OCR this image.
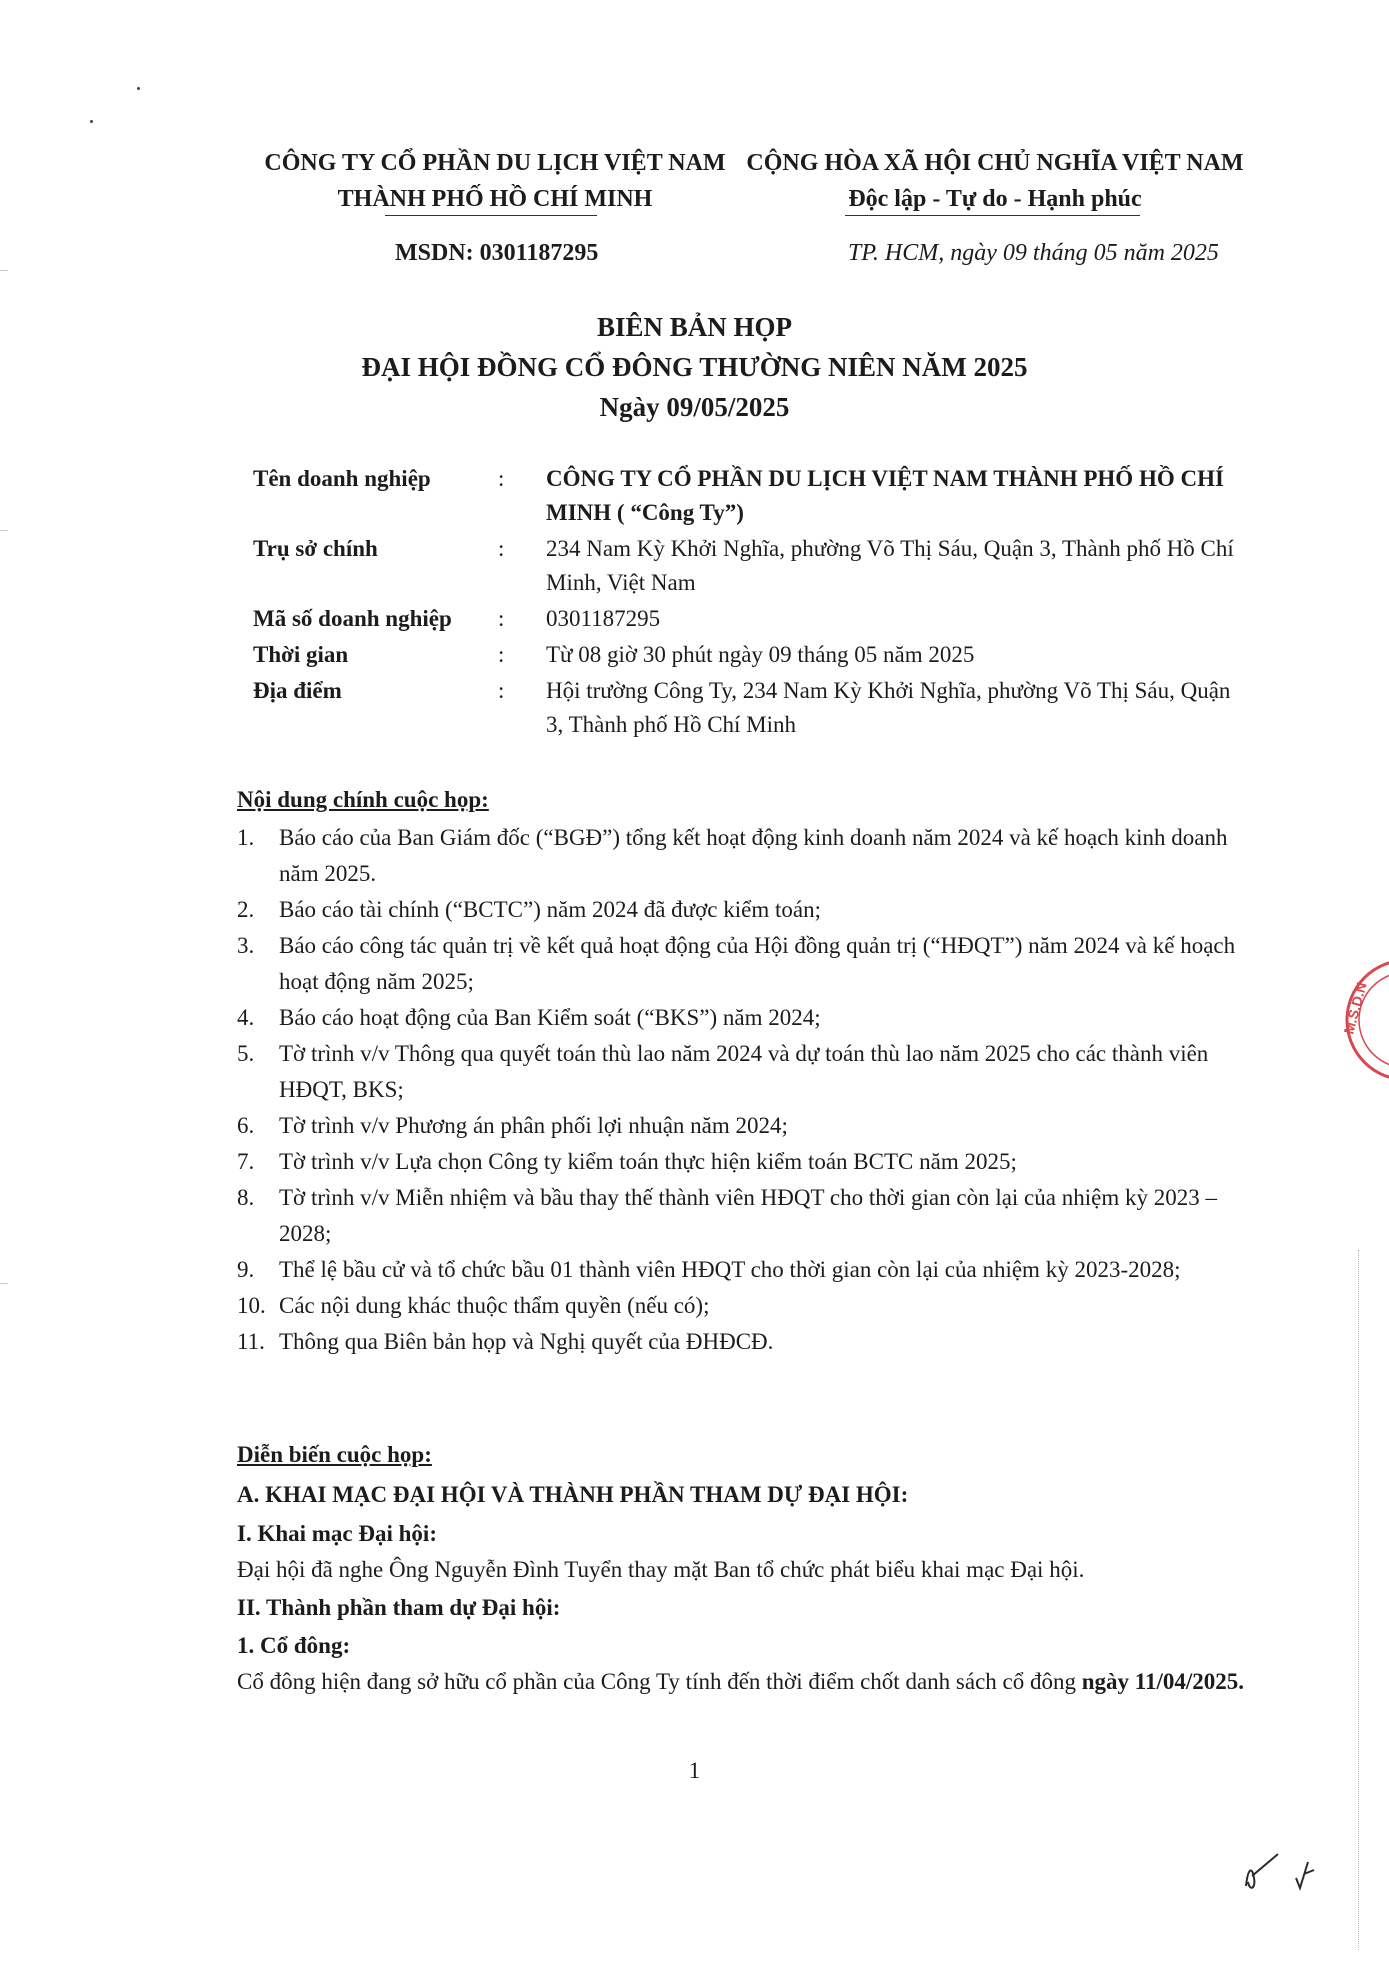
CÔNG TY CỔ PHẦN DU LỊCH VIỆT NAM
THÀNH PHỐ HỒ CHÍ MINH
CỘNG HÒA XÃ HỘI CHỦ NGHĨA VIỆT NAM
Độc lập - Tự do - Hạnh phúc
MSDN: 0301187295	TP. HCM, ngày 09 tháng 05 năm 2025
BIÊN BẢN HỌP
ĐẠI HỘI ĐỒNG CỔ ĐÔNG THƯỜNG NIÊN NĂM 2025
Ngày 09/05/2025
Tên doanh nghiệp	:	CÔNG TY CỔ PHẦN DU LỊCH VIỆT NAM THÀNH PHỐ HỒ CHÍ MINH ( “Công Ty”)
Trụ sở chính	:	234 Nam Kỳ Khởi Nghĩa, phường Võ Thị Sáu, Quận 3, Thành phố Hồ Chí Minh, Việt Nam
Mã số doanh nghiệp	:	0301187295
Thời gian	:	Từ 08 giờ 30 phút ngày 09 tháng 05 năm 2025
Địa điểm	:	Hội trường Công Ty, 234 Nam Kỳ Khởi Nghĩa, phường Võ Thị Sáu, Quận 3, Thành phố Hồ Chí Minh
Nội dung chính cuộc họp:
1.	Báo cáo của Ban Giám đốc (“BGĐ”) tổng kết hoạt động kinh doanh năm 2024 và kế hoạch kinh doanh năm 2025.
2.	Báo cáo tài chính (“BCTC”) năm 2024 đã được kiểm toán;
3.	Báo cáo công tác quản trị về kết quả hoạt động của Hội đồng quản trị (“HĐQT”) năm 2024 và kế hoạch hoạt động năm 2025;
4.	Báo cáo hoạt động của Ban Kiểm soát (“BKS”) năm 2024;
5.	Tờ trình v/v Thông qua quyết toán thù lao năm 2024 và dự toán thù lao năm 2025 cho các thành viên HĐQT, BKS;
6.	Tờ trình v/v Phương án phân phối lợi nhuận năm 2024;
7.	Tờ trình v/v Lựa chọn Công ty kiểm toán thực hiện kiểm toán BCTC năm 2025;
8.	Tờ trình v/v Miễn nhiệm và bầu thay thế thành viên HĐQT cho thời gian còn lại của nhiệm kỳ 2023 – 2028;
9.	Thể lệ bầu cử và tổ chức bầu 01 thành viên HĐQT cho thời gian còn lại của nhiệm kỳ 2023-2028;
10. Các nội dung khác thuộc thẩm quyền (nếu có);
11. Thông qua Biên bản họp và Nghị quyết của ĐHĐCĐ.
Diễn biến cuộc họp:
A. KHAI MẠC ĐẠI HỘI VÀ THÀNH PHẦN THAM DỰ ĐẠI HỘI:
I. Khai mạc Đại hội:
Đại hội đã nghe Ông Nguyễn Đình Tuyển thay mặt Ban tổ chức phát biểu khai mạc Đại hội.
II. Thành phần tham dự Đại hội:
1. Cổ đông:
Cổ đông hiện đang sở hữu cổ phần của Công Ty tính đến thời điểm chốt danh sách cổ đông ngày 11/04/2025.
1
M.S.D.N
